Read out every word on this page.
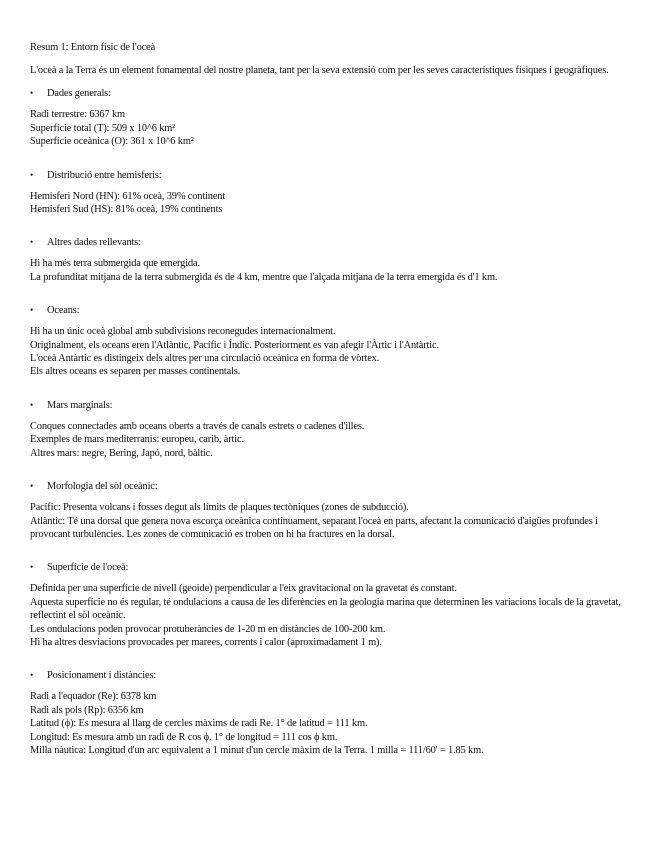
Resum 1: Entorn físic de l'oceà
L'oceà a la Terra és un element fonamental del nostre planeta, tant per la seva extensió com per les seves característiques físiques i geogràfiques.
•	Dades generals:
Radi terrestre: 6367 km
Superfície total (T): 509 x 10^6 km²
Superfície oceànica (O): 361 x 10^6 km²
•	Distribució entre hemisferis:
Hemisferi Nord (HN): 61% oceà, 39% continent
Hemisferi Sud (HS): 81% oceà, 19% continents
•	Altres dades rellevants:
Hi ha més terra submergida que emergida.
La profunditat mitjana de la terra submergida és de 4 km, mentre que l'alçada mitjana de la terra emergida és d'1 km.
•	Oceans:
Hi ha un únic oceà global amb subdivisions reconegudes internacionalment.
Originalment, els oceans eren l'Atlàntic, Pacífic i Índic. Posteriorment es van afegir l'Àrtic i l'Antàrtic.
L'oceà Antàrtic es distingeix dels altres per una circulació oceànica en forma de vòrtex.
Els altres oceans es separen per masses continentals.
•	Mars marginals:
Conques connectades amb oceans oberts a través de canals estrets o cadenes d'illes.
Exemples de mars mediterranis: europeu, carib, àrtic.
Altres mars: negre, Bering, Japó, nord, bàltic.
•	Morfologia del sòl oceànic:
Pacífic: Presenta volcans i fosses degut als límits de plaques tectòniques (zones de subducció).
Atlàntic: Té una dorsal que genera nova escorça oceànica contínuament, separant l'oceà en parts, afectant la comunicació d'aigües profundes i provocant turbulències. Les zones de comunicació es troben on hi ha fractures en la dorsal.
•	Superfície de l'oceà:
Definida per una superfície de nivell (geoide) perpendicular a l'eix gravitacional on la gravetat és constant.
Aquesta superfície no és regular, té ondulacions a causa de les diferències en la geologia marina que determinen les variacions locals de la gravetat, reflectint el sòl oceànic.
Les ondulacions poden provocar protuberàncies de 1-20 m en distàncies de 100-200 km.
Hi ha altres desviacions provocades per marees, corrents i calor (aproximadament 1 m).
•	Posicionament i distàncies:
Radi a l'equador (Re): 6378 km
Radi als pols (Rp): 6356 km
Latitud (ϕ): Es mesura al llarg de cercles màxims de radi Re. 1° de latitud = 111 km.
Longitud: Es mesura amb un radi de R cos ϕ. 1° de longitud = 111 cos ϕ km.
Milla nàutica: Longitud d'un arc equivalent a 1 minut d'un cercle màxim de la Terra. 1 milla = 111/60' = 1.85 km.
